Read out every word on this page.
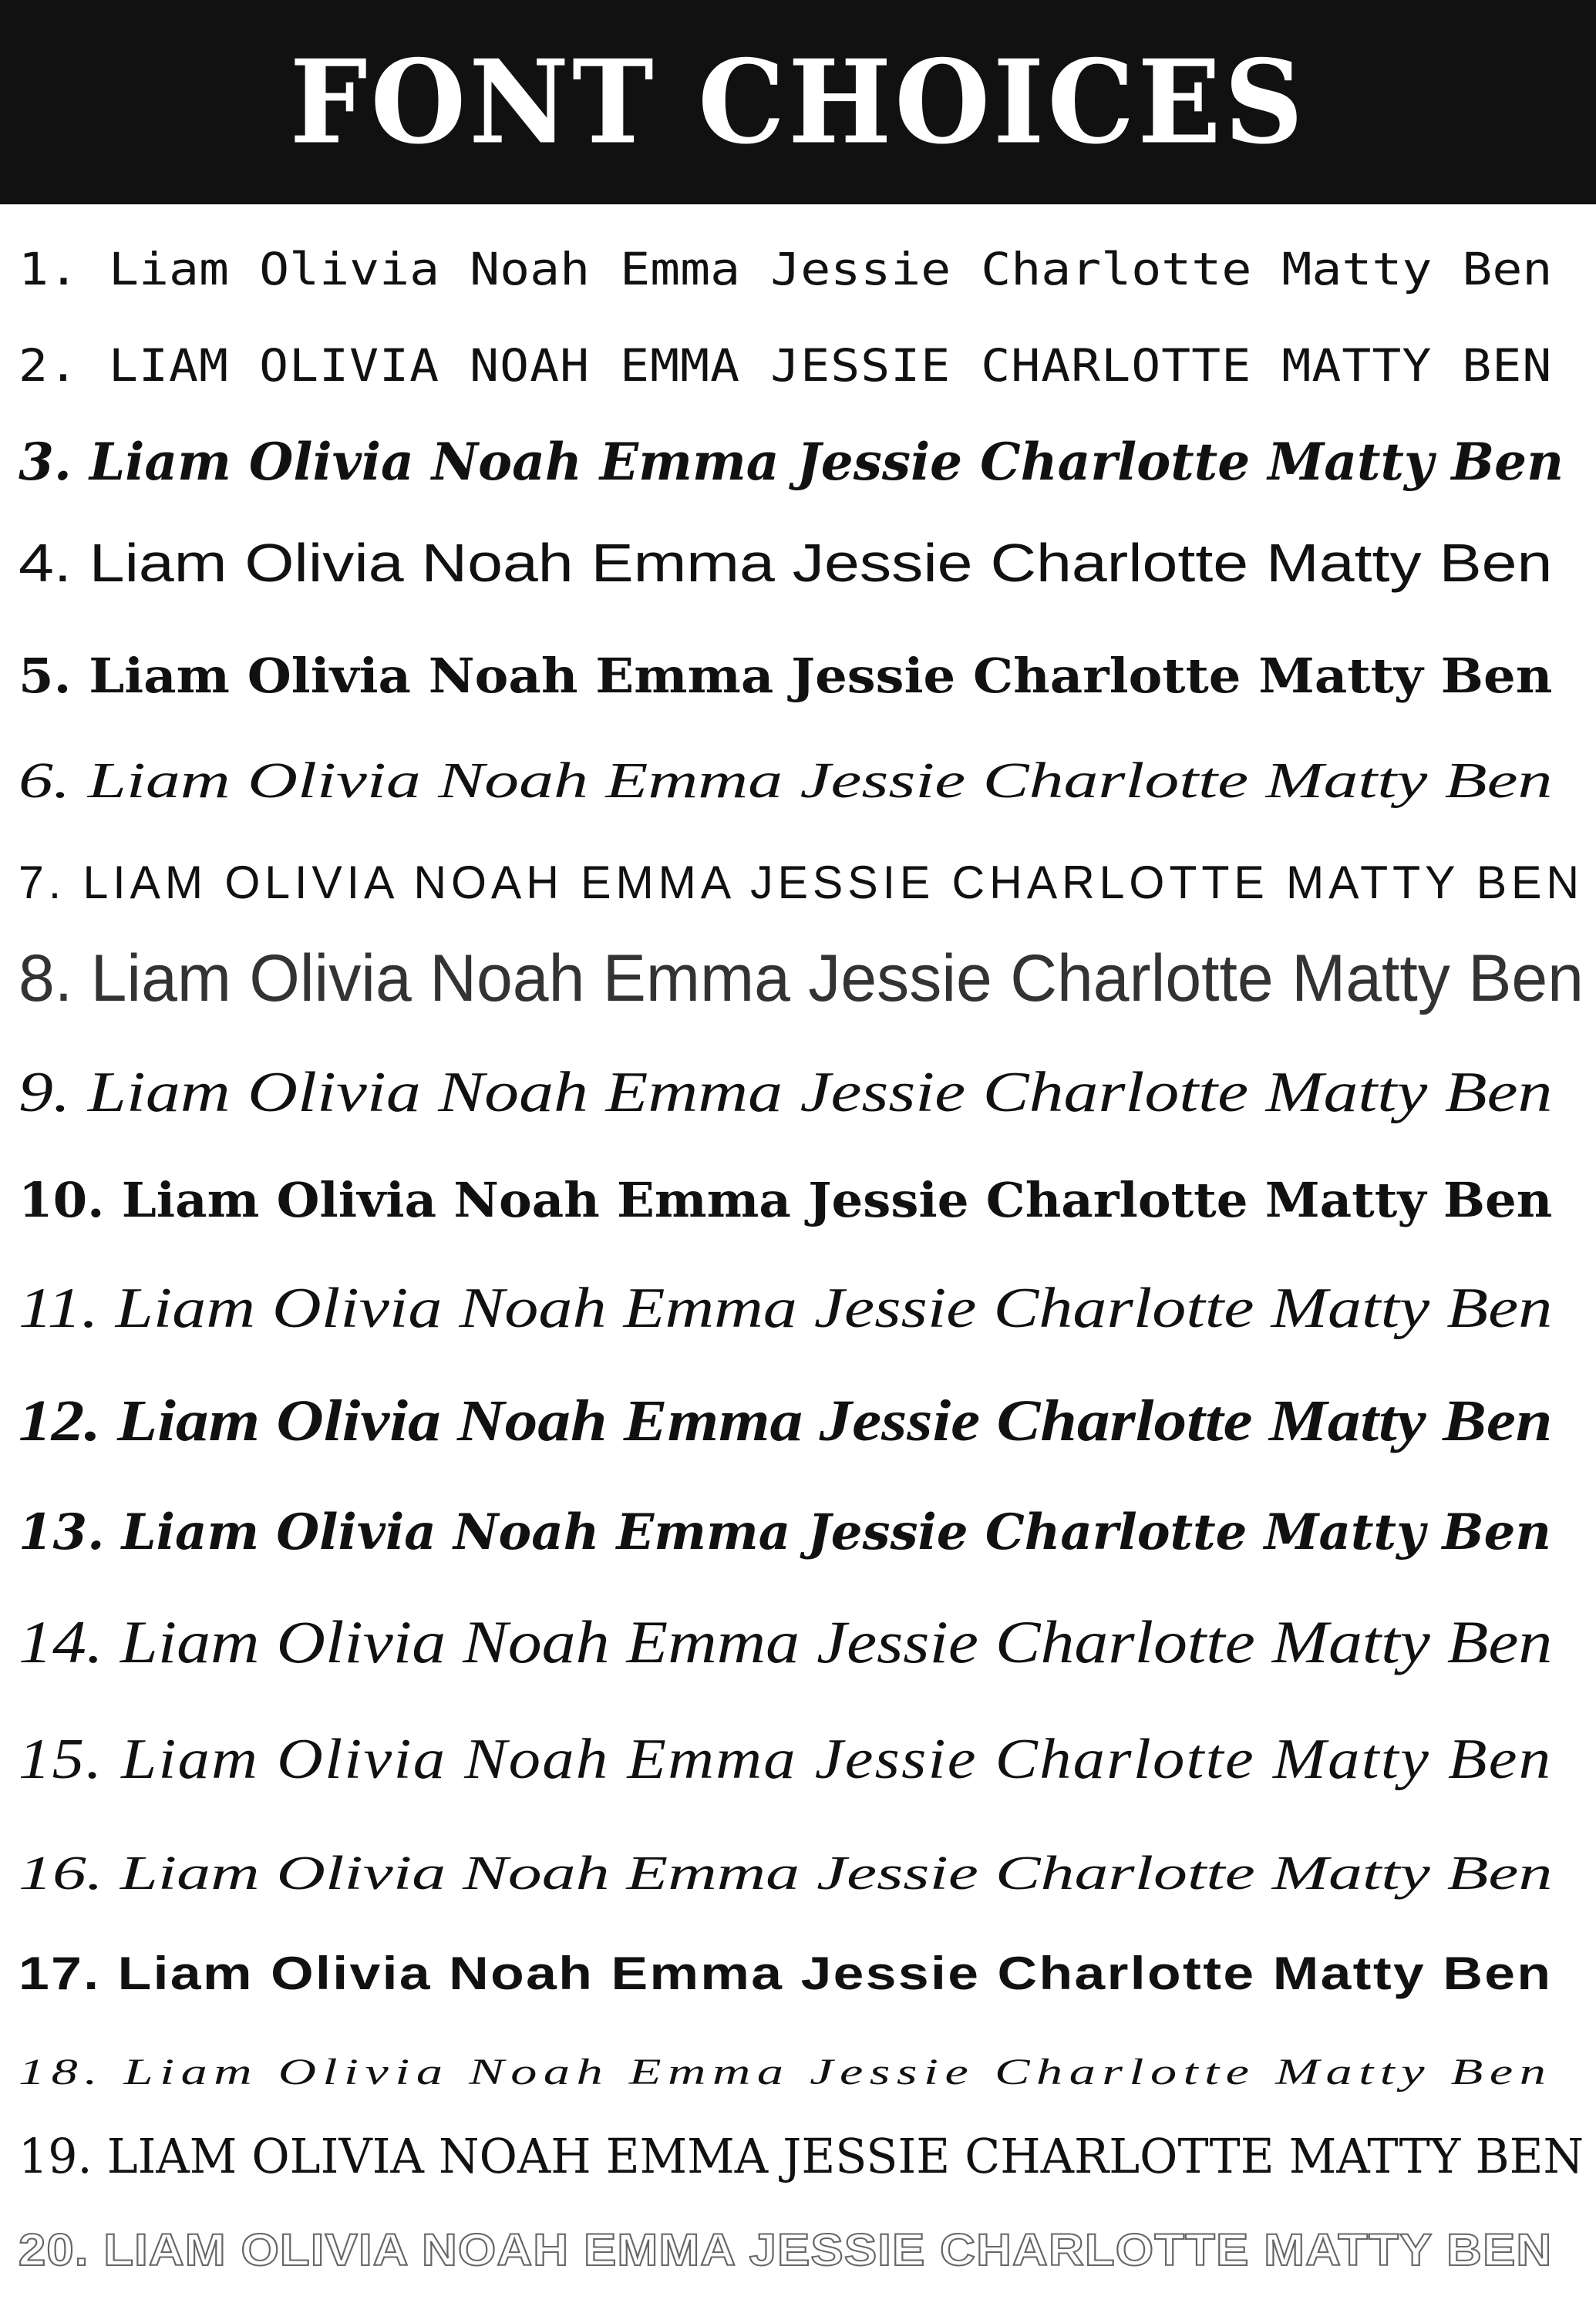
FONT CHOICES
1. Liam Olivia Noah Emma Jessie Charlotte Matty Ben
2. LIAM OLIVIA NOAH EMMA JESSIE CHARLOTTE MATTY BEN
3. Liam Olivia Noah Emma Jessie Charlotte Matty Ben
4. Liam Olivia Noah Emma Jessie Charlotte Matty Ben
5. Liam Olivia Noah Emma Jessie Charlotte Matty Ben
6. Liam Olivia Noah Emma Jessie Charlotte Matty Ben
7. LIAM OLIVIA NOAH EMMA JESSIE CHARLOTTE MATTY BEN
8. Liam Olivia Noah Emma Jessie Charlotte Matty Ben
9. Liam Olivia Noah Emma Jessie Charlotte Matty Ben
10. Liam Olivia Noah Emma Jessie Charlotte Matty Ben
11. Liam Olivia Noah Emma Jessie Charlotte Matty Ben
12. Liam Olivia Noah Emma Jessie Charlotte Matty Ben
13. Liam Olivia Noah Emma Jessie Charlotte Matty Ben
14. Liam Olivia Noah Emma Jessie Charlotte Matty Ben
15. Liam Olivia Noah Emma Jessie Charlotte Matty Ben
16. Liam Olivia Noah Emma Jessie Charlotte Matty Ben
17. Liam Olivia Noah Emma Jessie Charlotte Matty Ben
18. Liam Olivia Noah Emma Jessie Charlotte Matty Ben
19. LIAM OLIVIA NOAH EMMA JESSIE CHARLOTTE MATTY BEN
20. LIAM OLIVIA NOAH EMMA JESSIE CHARLOTTE MATTY BEN
